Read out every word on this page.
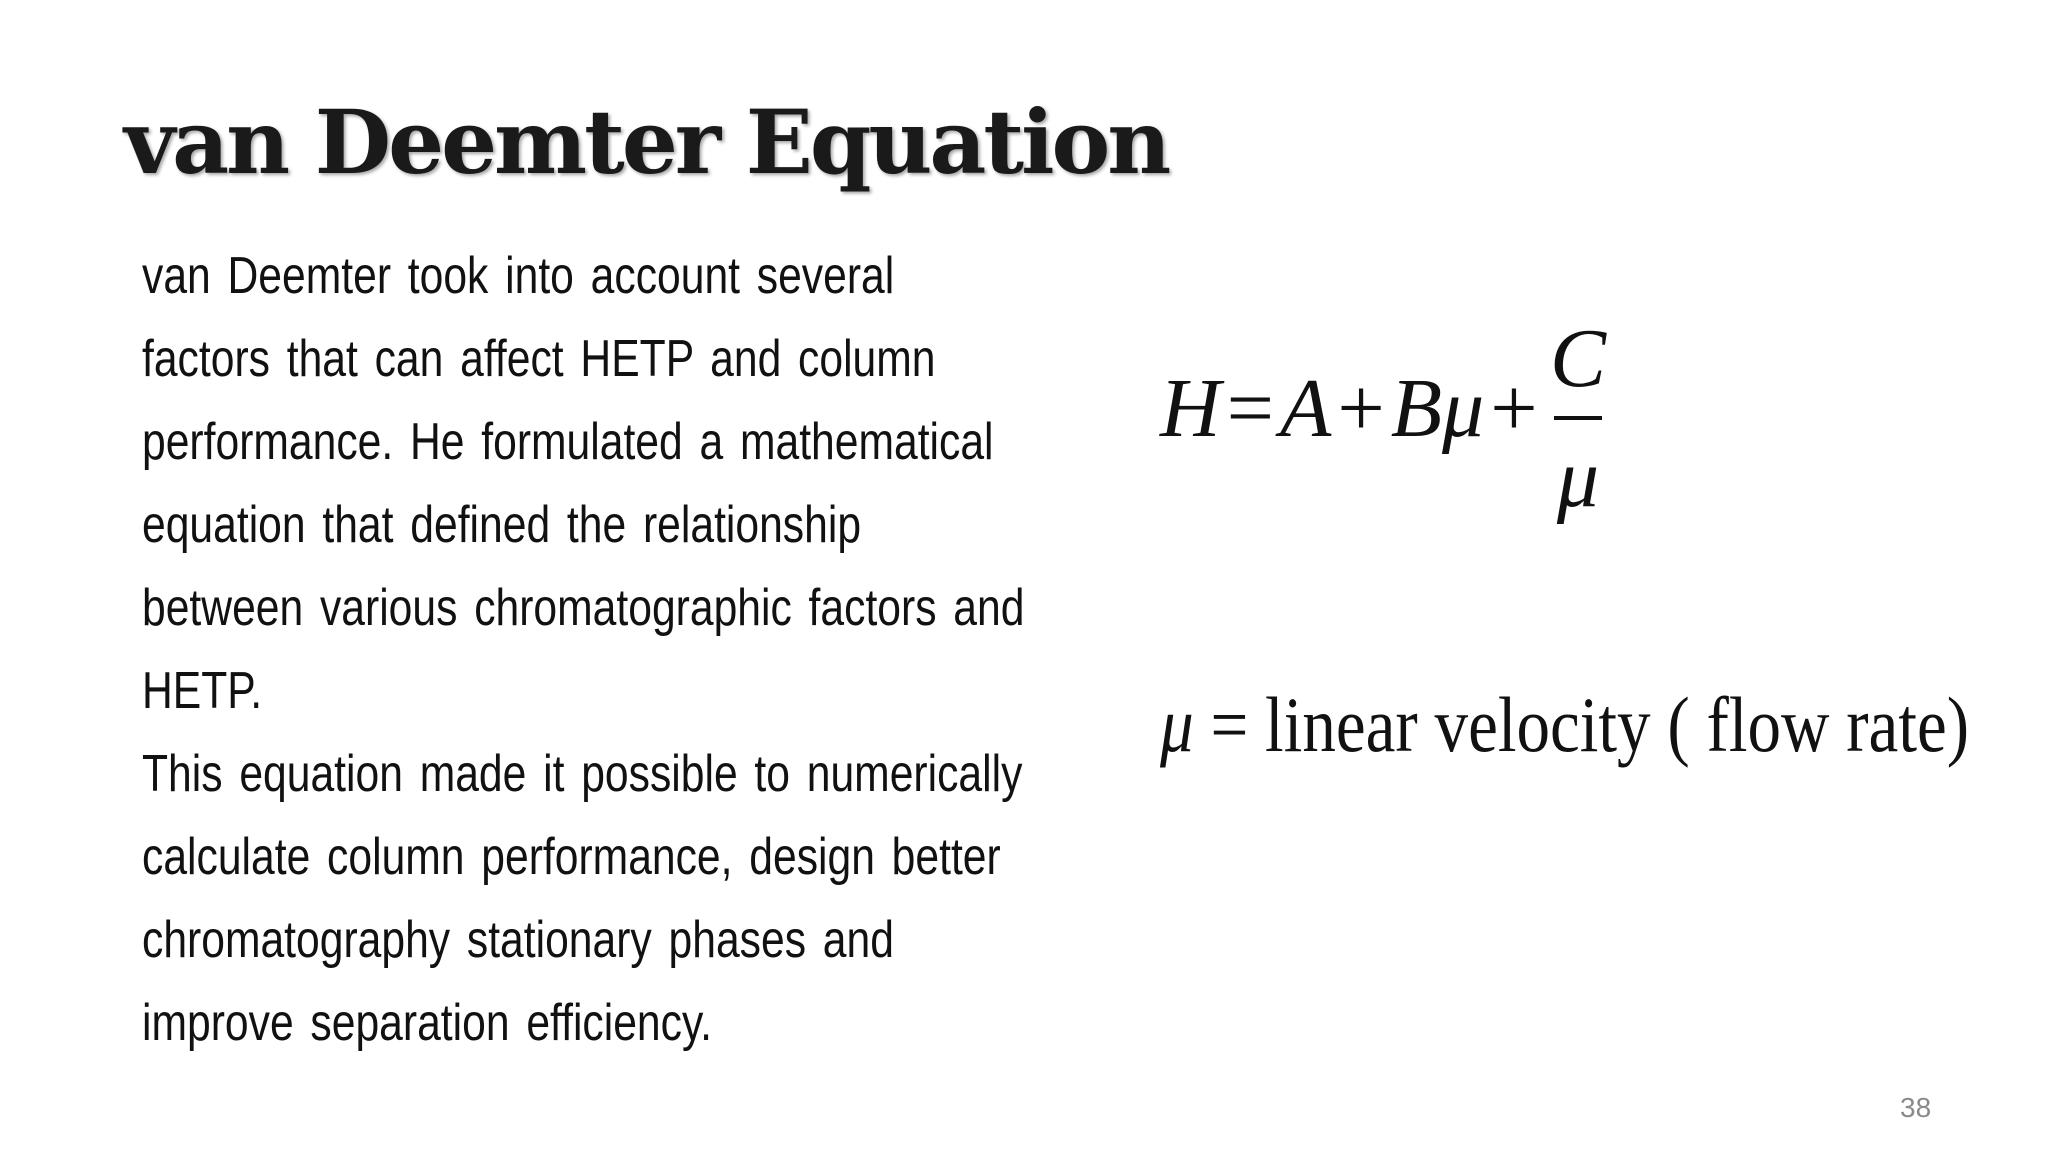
van Deemter Equation
van Deemter took into account several
factors that can affect HETP and column
performance. He formulated a mathematical
equation that defined the relationship
between various chromatographic factors and
HETP.
This equation made it possible to numerically
calculate column performance, design better
chromatography stationary phases and
improve separation efficiency.
H=A+Bμ+
C
μ
μ = linear velocity ( flow rate)
38
